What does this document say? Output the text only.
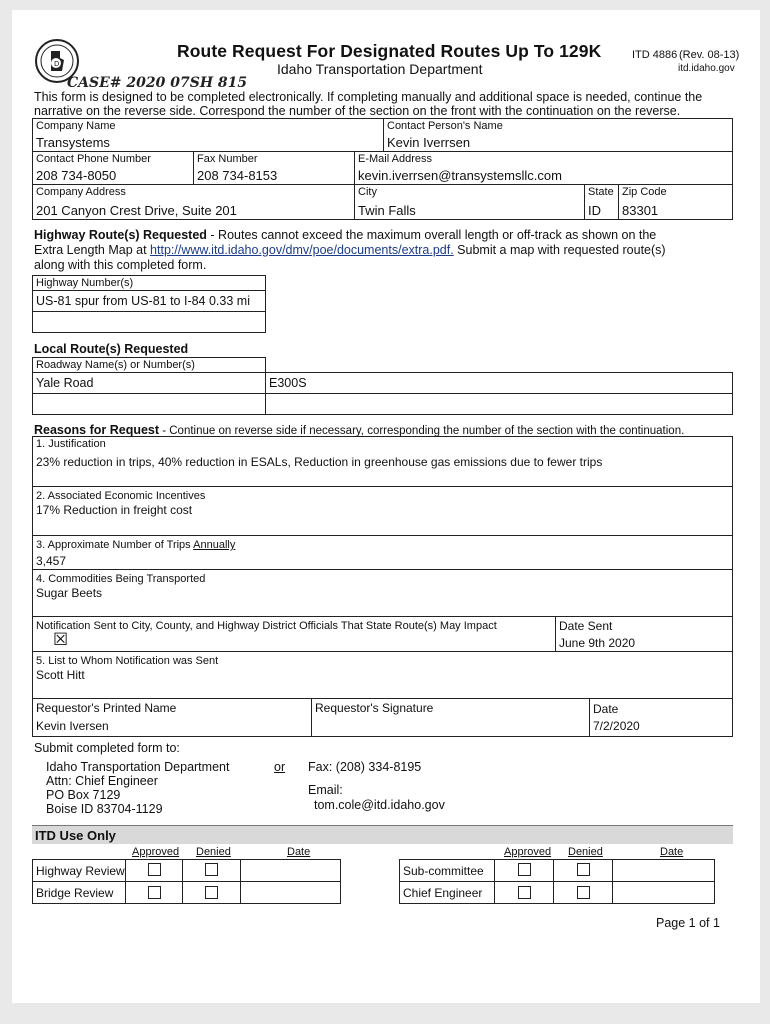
D
Route Request For Designated Routes Up To 129K
Idaho Transportation Department
ITD 4886 (Rev. 08-13)
itd.idaho.gov
CASE# 2020 07SH 815
This form is designed to be completed electronically. If completing manually and additional space is needed, continue the
narrative on the reverse side. Correspond the number of the section on the front with the continuation on the reverse.
Company Name
Transystems
Contact Person's Name
Kevin Iverrsen
Contact Phone Number
208 734-8050
Fax Number
208 734-8153
E-Mail Address
kevin.iverrsen@transystemsllc.com
Company Address
201 Canyon Crest Drive, Suite 201
City
Twin Falls
State
ID
Zip Code
83301
Highway Route(s) Requested - Routes cannot exceed the maximum overall length or off-track as shown on the
Extra Length Map at http://www.itd.idaho.gov/dmv/poe/documents/extra.pdf. Submit a map with requested route(s)
along with this completed form.
Highway Number(s)
US-81 spur from US-81 to I-84 0.33 mi
Local Route(s) Requested
Roadway Name(s) or Number(s)
Yale Road	E300S
Reasons for Request - Continue on reverse side if necessary, corresponding the number of the section with the continuation.
1. Justification
23% reduction in trips, 40% reduction in ESALs, Reduction in greenhouse gas emissions due to fewer trips
2. Associated Economic Incentives
17% Reduction in freight cost
3. Approximate Number of Trips Annually
3,457
4. Commodities Being Transported
Sugar Beets
Notification Sent to City, County, and Highway District Officials That State Route(s) May Impact
☒
Date Sent
June 9th 2020
5. List to Whom Notification was Sent
Scott Hitt
Requestor's Printed Name
Kevin Iversen
Requestor's Signature	Date
7/2/2020
Submit completed form to:
Idaho Transportation Department
Attn: Chief Engineer
PO Box 7129
Boise ID 83704-1129
or Fax: (208) 334-8195
Email:
tom.cole@itd.idaho.gov
ITD Use Only
Approved Denied	Date	Approved Denied	Date
Highway Review
Bridge Review
Sub-committee
Chief Engineer
Page 1 of 1
